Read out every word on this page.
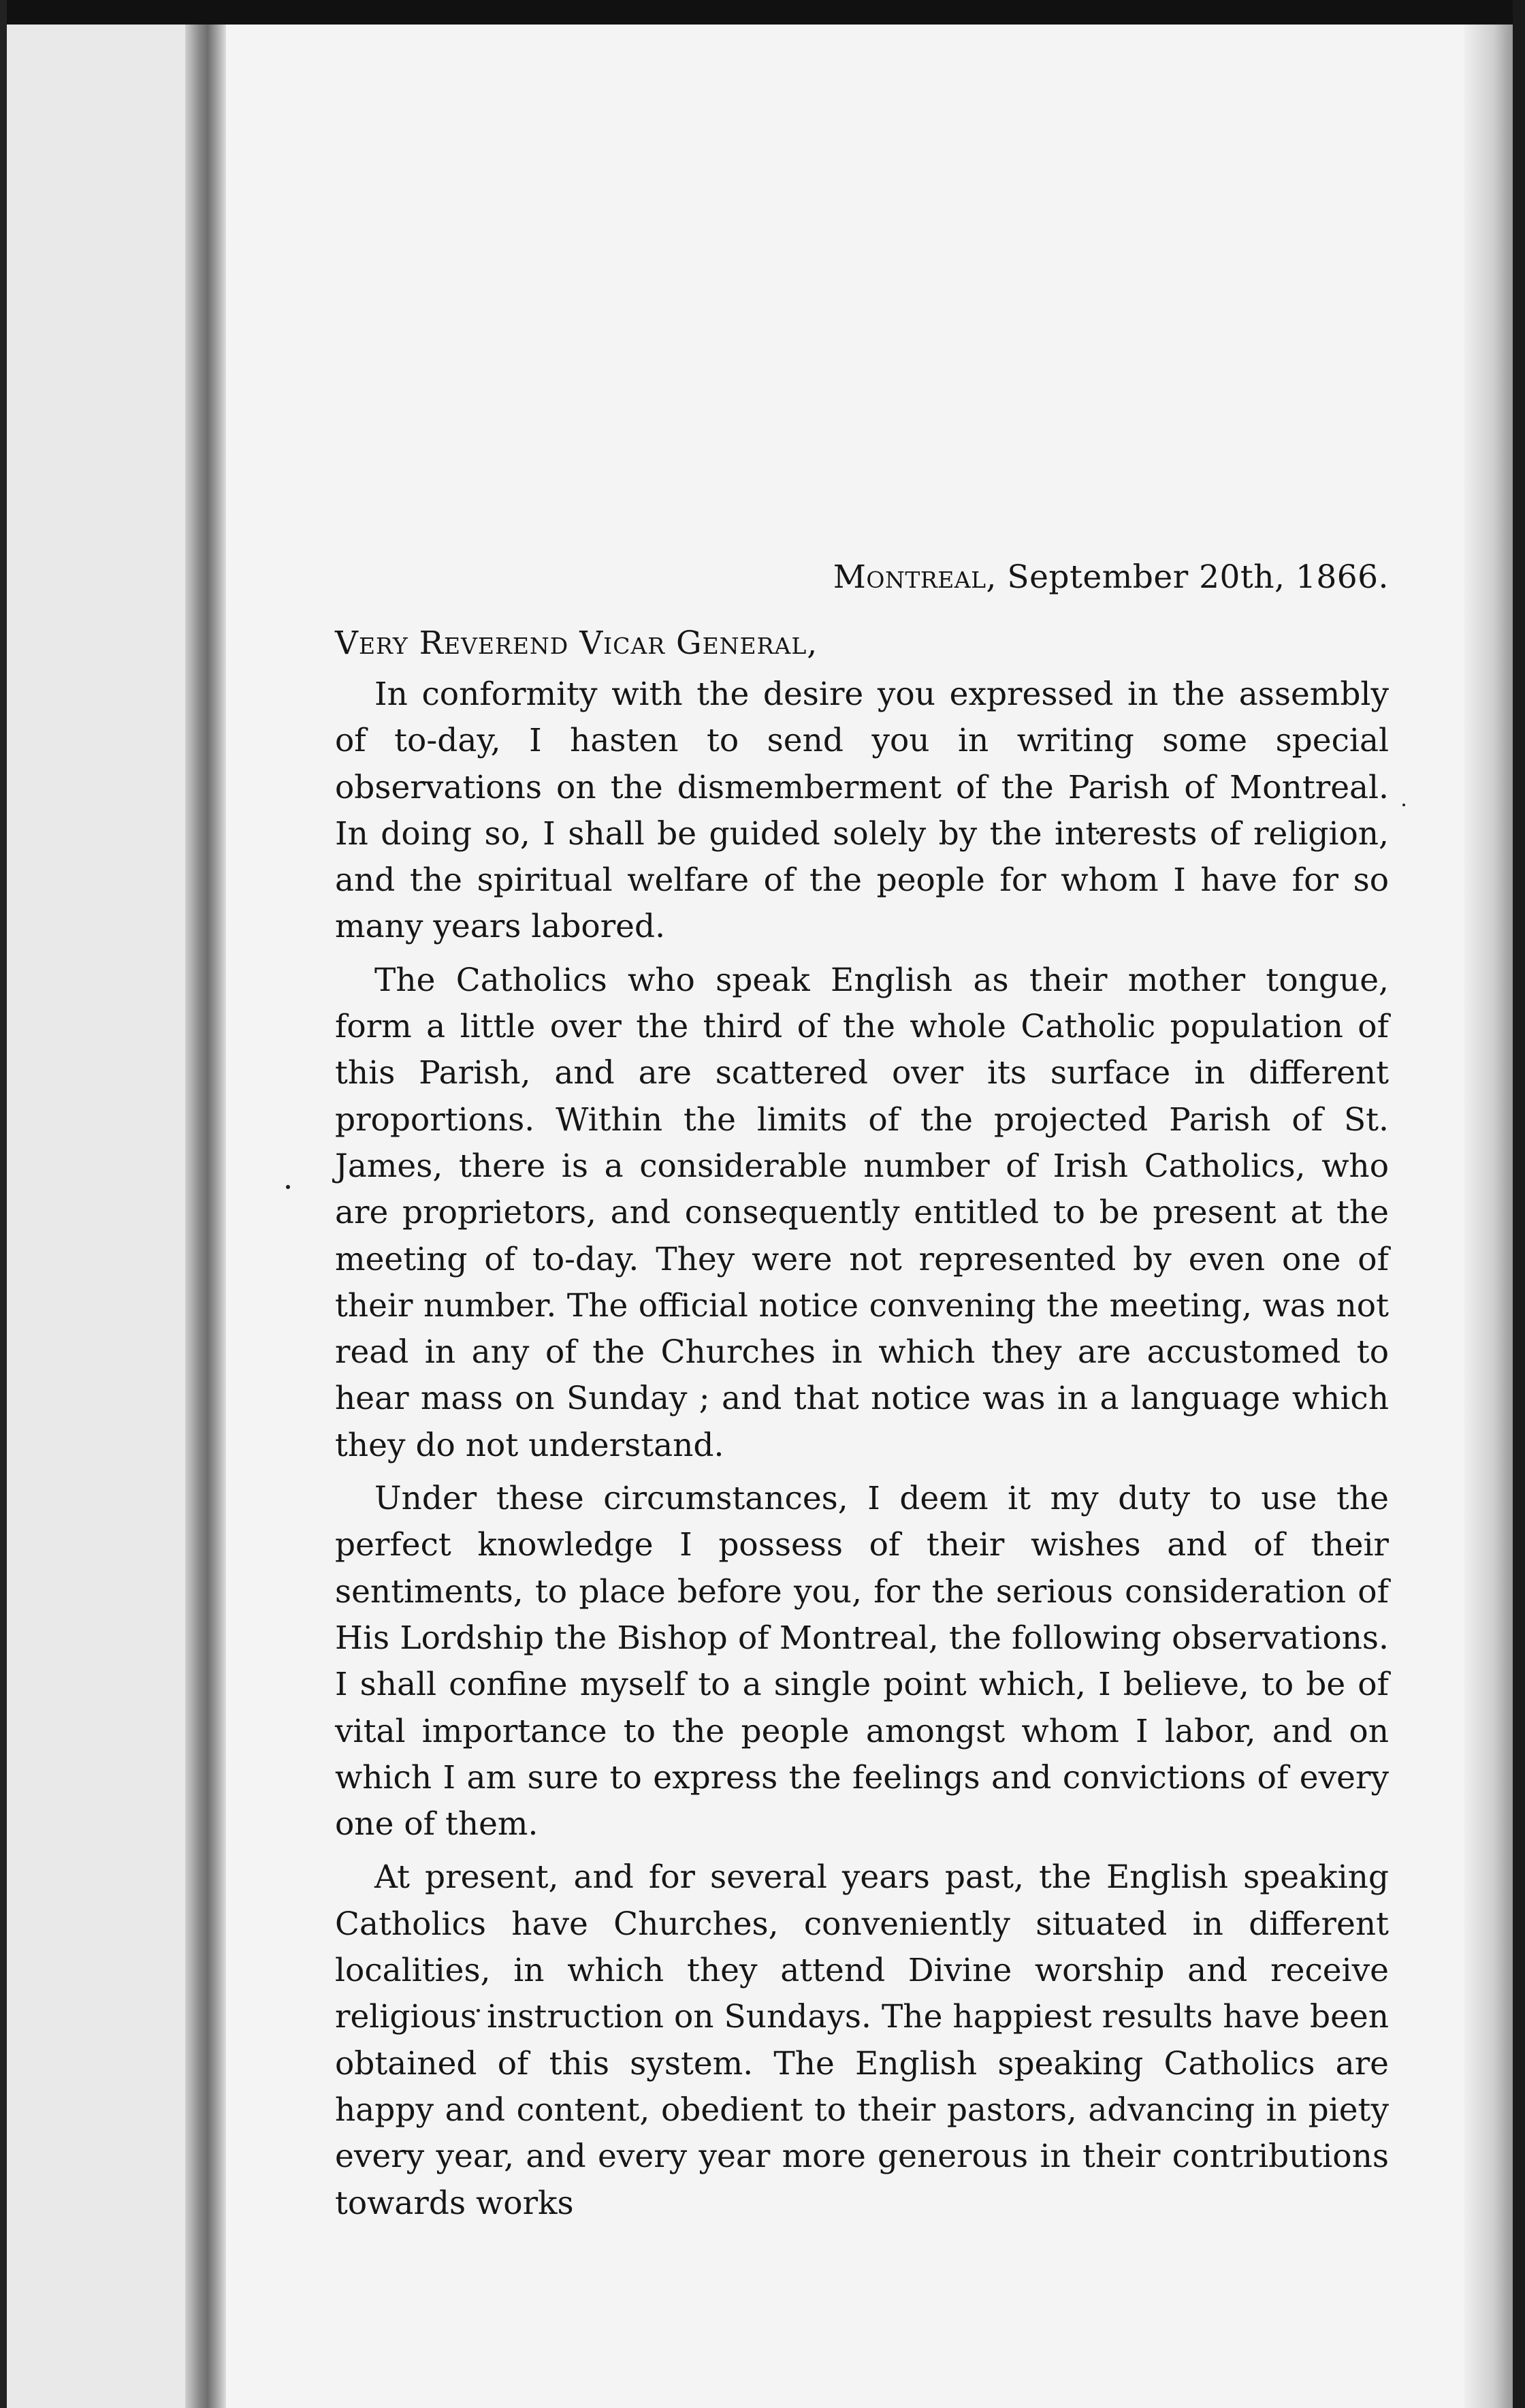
Montreal, September 20th, 1866.

Very Reverend Vicar General,

In conformity with the desire you expressed in the assembly of to-day, I hasten to send you in writing some special observations on the dismemberment of the Parish of Montreal. In doing so, I shall be guided solely by the interests of religion, and the spiritual welfare of the people for whom I have for so many years labored.

The Catholics who speak English as their mother tongue, form a little over the third of the whole Catholic population of this Parish, and are scattered over its surface in different proportions. Within the limits of the projected Parish of St. James, there is a considerable number of Irish Catholics, who are proprietors, and consequently entitled to be present at the meeting of to-day. They were not represented by even one of their number. The official notice convening the meeting, was not read in any of the Churches in which they are accustomed to hear mass on Sunday ; and that notice was in a language which they do not understand.

Under these circumstances, I deem it my duty to use the perfect knowledge I possess of their wishes and of their sentiments, to place before you, for the serious consideration of His Lordship the Bishop of Montreal, the following observations. I shall confine myself to a single point which, I believe, to be of vital importance to the people amongst whom I labor, and on which I am sure to express the feelings and convictions of every one of them.

At present, and for several years past, the English speaking Catholics have Churches, conveniently situated in different localities, in which they attend Divine worship and receive religious instruction on Sundays. The happiest results have been obtained of this system. The English speaking Catholics are happy and content, obedient to their pastors, advancing in piety every year, and every year more generous in their contributions towards works
